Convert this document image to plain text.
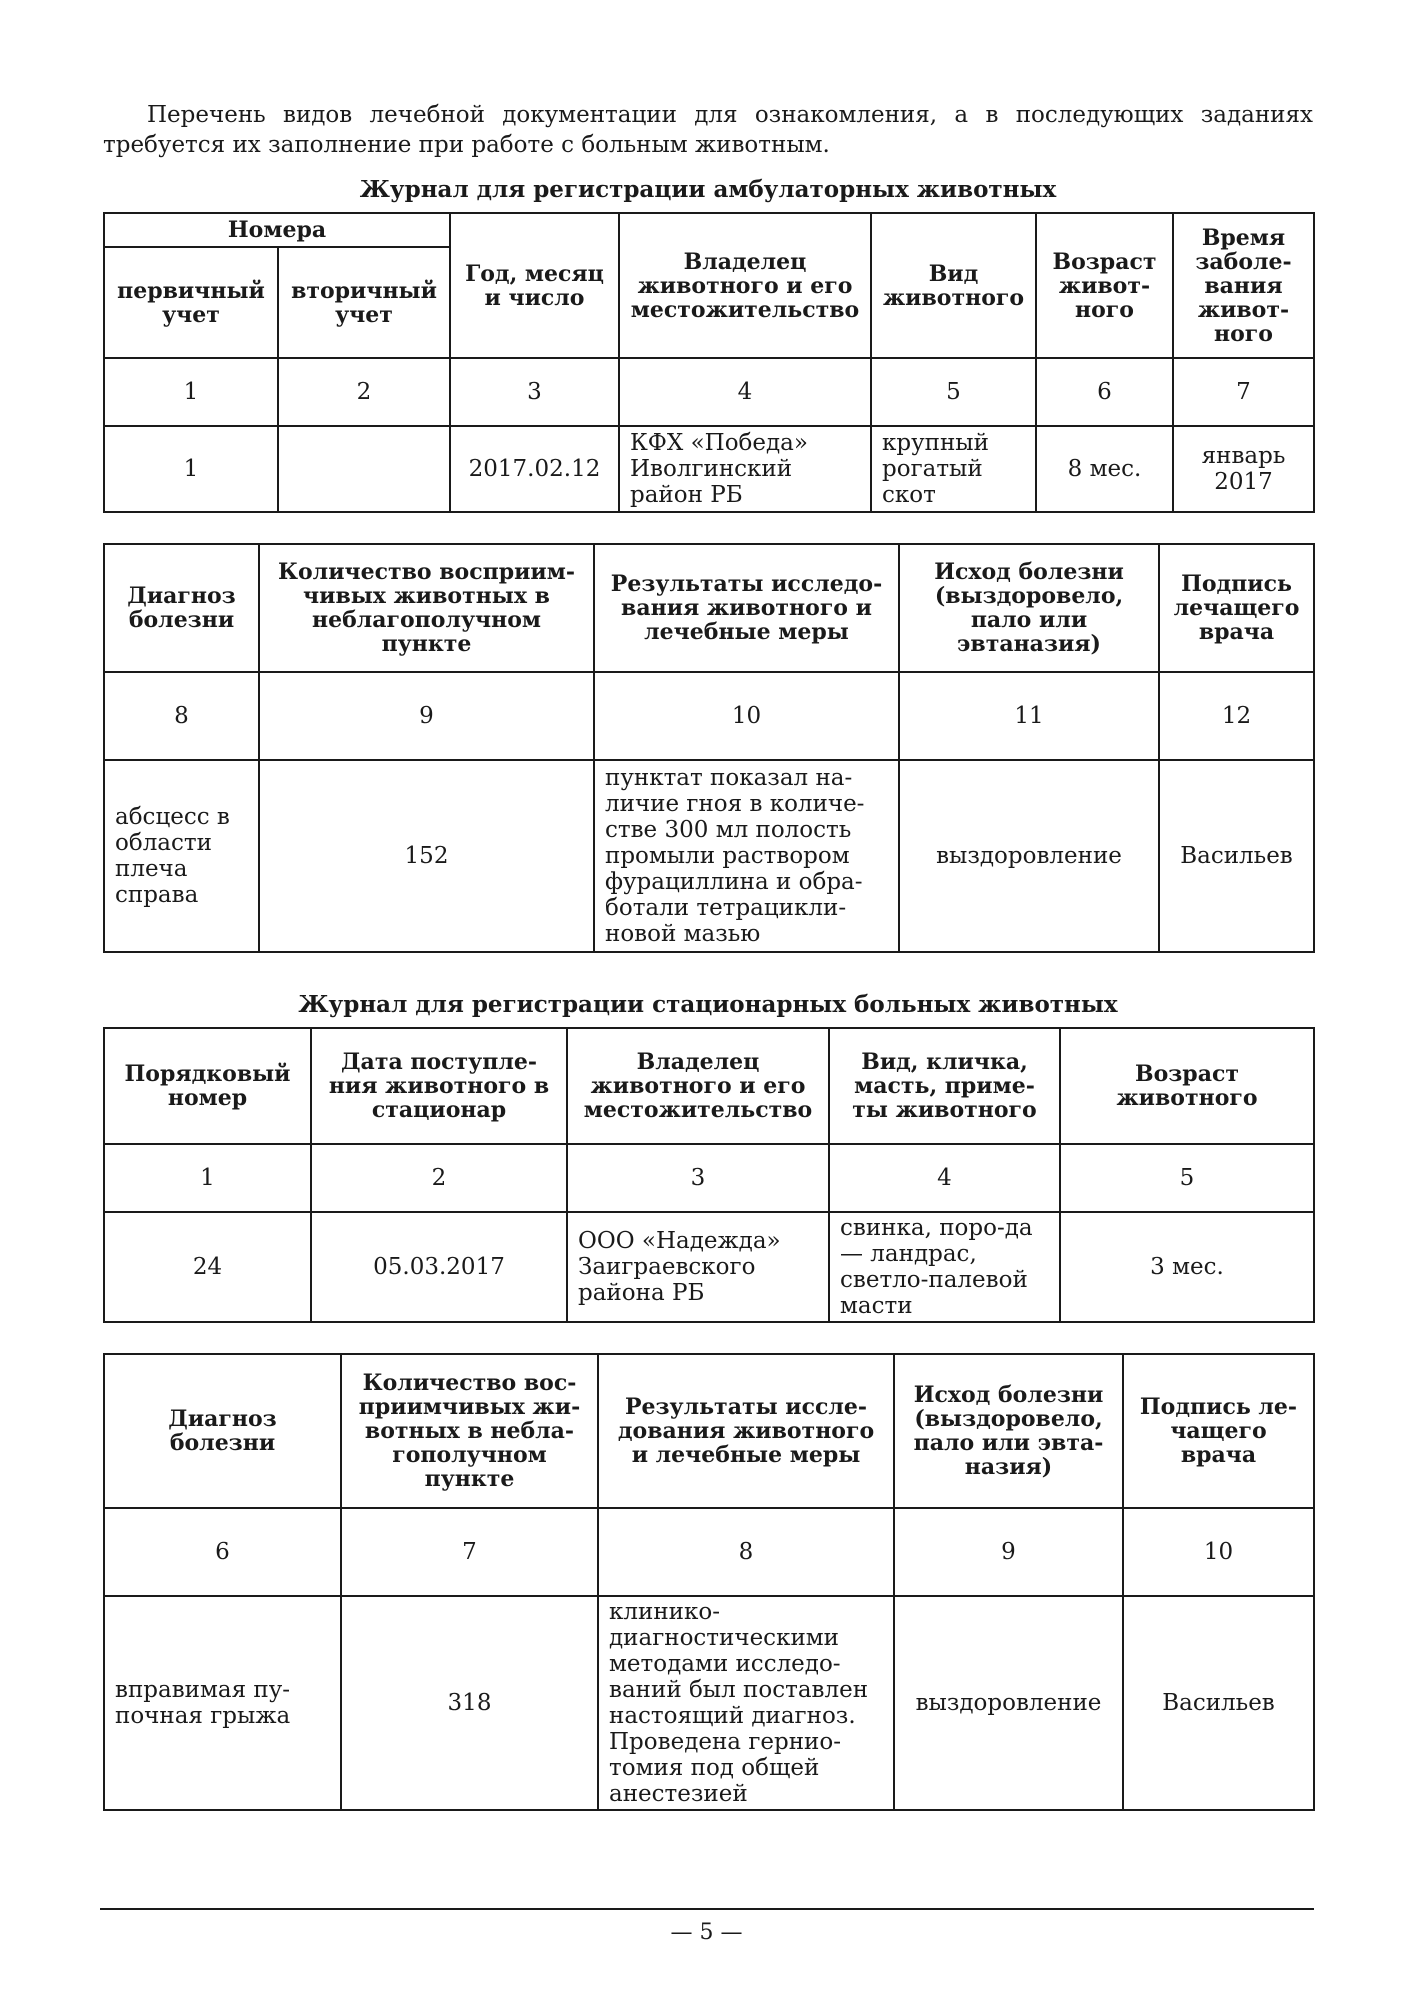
Перечень видов лечебной документации для ознакомления, а в последующих заданиях требуется их заполнение при работе с больным животным.

Журнал для регистрации амбулаторных животных
Номера		Год, месяц и число	Владелец животного и его местожительство	Вид животного	Возраст живот-ного	Время заболе-вания живот-ного
первичный учет	вторичный учет					
1	2	3	4	5	6	7
1		2017.02.12	КФХ «Победа» Иволгинский район РБ	крупный рогатый скот	8 мес.	январь 2017
Диагноз болезни	Количество восприим-чивых животных в неблагополучном пункте	Результаты исследо-вания животного и лечебные меры	Исход болезни (выздоровело, пало или эвтаназия)	Подпись лечащего врача
8	9	10	11	12
абсцесс в области плеча справа	152	пунктат показал на-личие гноя в количе-стве 300 мл полость промыли раствором фурациллина и обра-ботали тетрацикли-новой мазью	выздоровление	Васильев
Журнал для регистрации стационарных больных животных
Порядковый номер	Дата поступле-ния животного в стационар	Владелец животного и его местожительство	Вид, кличка, масть, приме-ты животного	Возраст животного
1	2	3	4	5
24	05.03.2017	ООО «Надежда» Заиграевского района РБ	свинка, поро-да — ландрас, светло-палевой масти	3 мес.
Диагноз болезни	Количество вос-приимчивых жи-вотных в небла-гополучном пункте	Результаты иссле-дования животного и лечебные меры	Исход болезни (выздоровело, пало или эвта-назия)	Подпись ле-чащего врача
6	7	8	9	10
вправимая пу-почная грыжа	318	клинико-диагностическими методами исследо-ваний был поставлен настоящий диагноз. Проведена гернио-томия под общей анестезией	выздоровление	Васильев
— 5 —
